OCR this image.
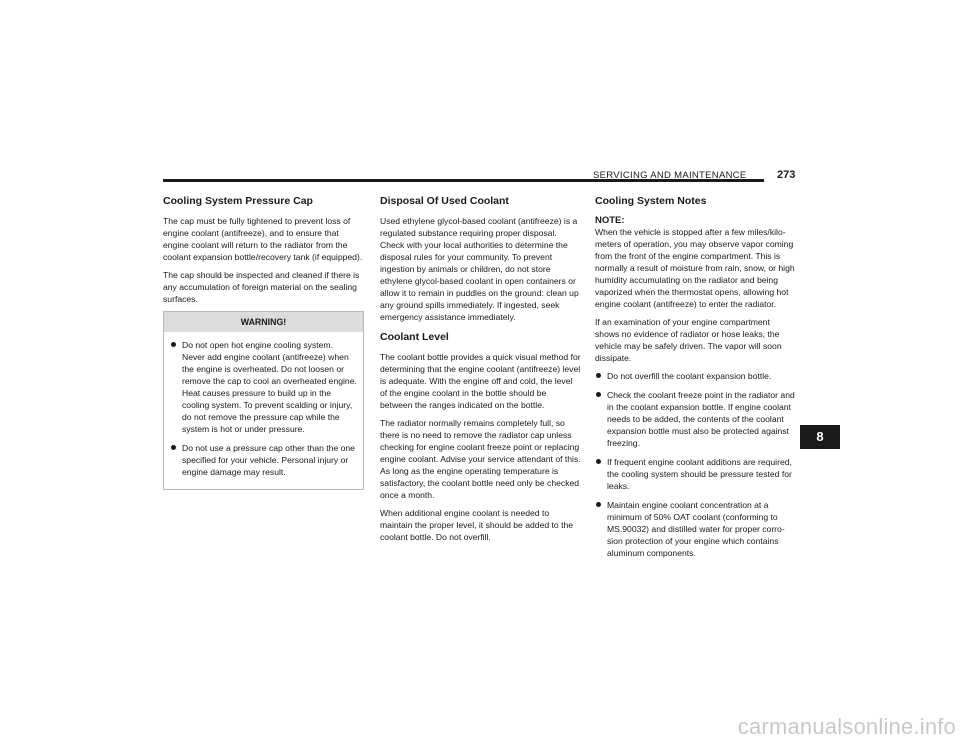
SERVICING AND MAINTENANCE	273
Cooling System Pressure Cap

The cap must be fully tightened to prevent loss of engine coolant (antifreeze), and to ensure that engine coolant will return to the radiator from the coolant expansion bottle/recovery tank (if equipped).

The cap should be inspected and cleaned if there is any accumulation of foreign material on the sealing surfaces.

WARNING!
Do not open hot engine cooling system. Never add engine coolant (antifreeze) when the engine is overheated. Do not loosen or remove the cap to cool an overheated engine. Heat causes pressure to build up in the cooling system. To prevent scalding or injury, do not remove the pressure cap while the system is hot or under pressure.
Do not use a pressure cap other than the one specified for your vehicle. Personal injury or engine damage may result.
Disposal Of Used Coolant

Used ethylene glycol-based coolant (antifreeze) is a regulated substance requiring proper disposal. Check with your local authorities to determine the disposal rules for your community. To prevent ingestion by animals or children, do not store ethylene glycol-based coolant in open containers or allow it to remain in puddles on the ground: clean up any ground spills immediately. If ingested, seek emergency assistance immediately.

Coolant Level

The coolant bottle provides a quick visual method for determining that the engine coolant (antifreeze) level is adequate. With the engine off and cold, the level of the engine coolant in the bottle should be between the ranges indicated on the bottle.

The radiator normally remains completely full, so there is no need to remove the radiator cap unless checking for engine coolant freeze point or replacing engine coolant. Advise your service attendant of this. As long as the engine operating temperature is satisfactory, the coolant bottle need only be checked once a month.

When additional engine coolant is needed to maintain the proper level, it should be added to the coolant bottle. Do not overfill.

Cooling System Notes

NOTE:
When the vehicle is stopped after a few miles/kilo-meters of operation, you may observe vapor coming from the front of the engine compartment. This is normally a result of moisture from rain, snow, or high humidity accumulating on the radiator and being vaporized when the thermostat opens, allowing hot engine coolant (antifreeze) to enter the radiator.

If an examination of your engine compartment shows no evidence of radiator or hose leaks, the vehicle may be safely driven. The vapor will soon dissipate.

Do not overfill the coolant expansion bottle.
Check the coolant freeze point in the radiator and in the coolant expansion bottle. If engine coolant needs to be added, the contents of the coolant expansion bottle must also be protected against freezing.
If frequent engine coolant additions are required, the cooling system should be pressure tested for leaks.
Maintain engine coolant concentration at a minimum of 50% OAT coolant (conforming to MS.90032) and distilled water for proper corro-sion protection of your engine which contains aluminum components.
8
carmanualsonline.info
